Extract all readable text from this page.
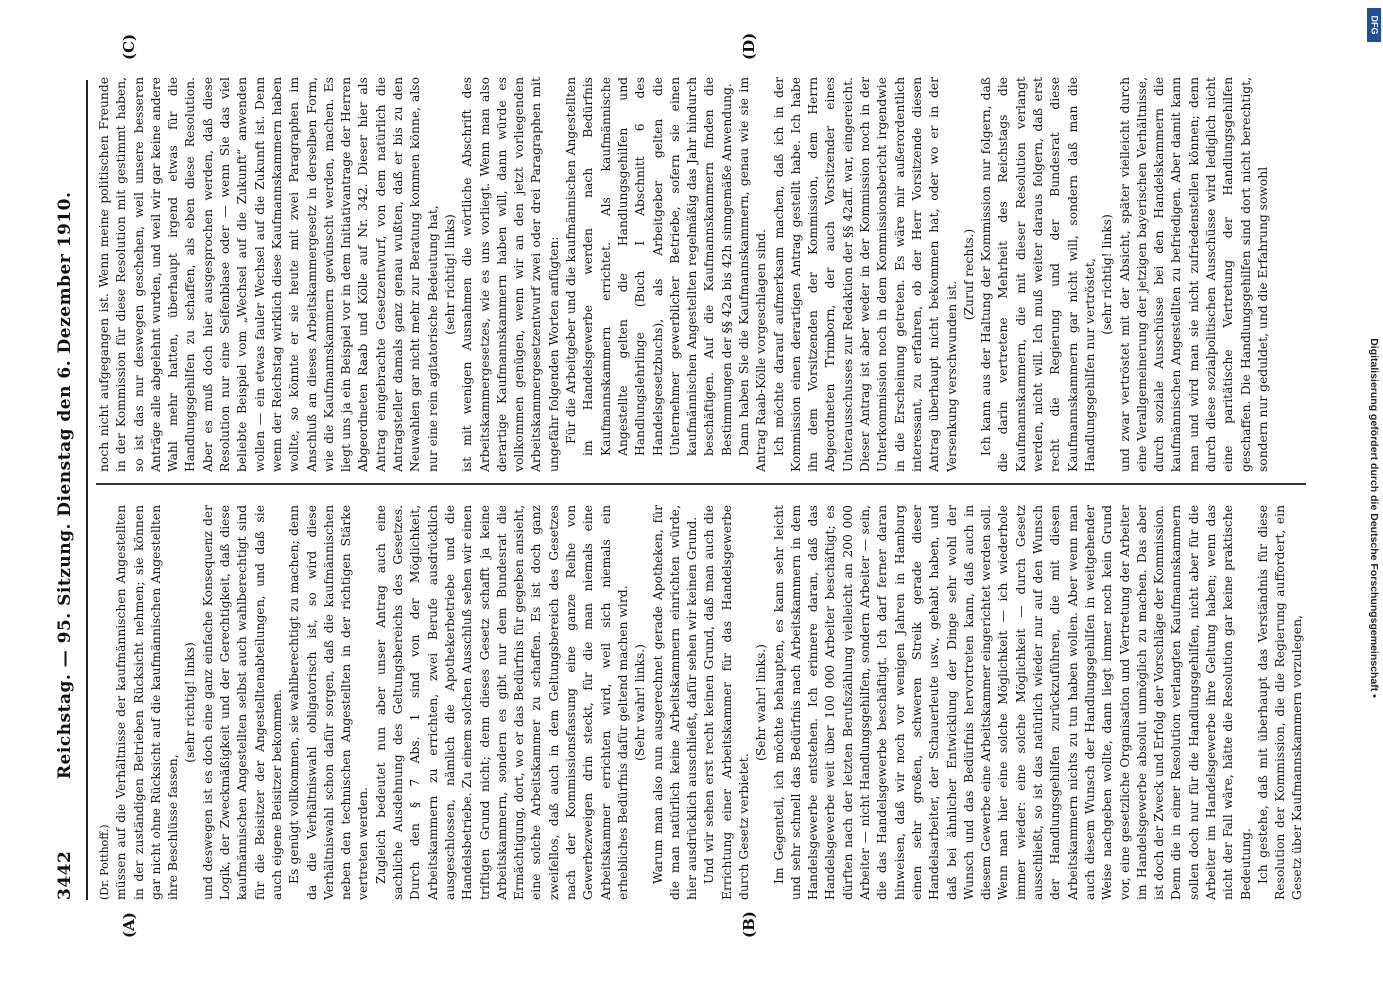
3442
Reichstag. — 95. Sitzung. Dienstag den 6. Dezember 1910.
(A)	(B)
(C)	(D)

(Dr. Potthoff.) müssen auf die Verhältnisse der kaufmännischen Angestellten in der zuständigen Betrieben Rücksicht nehmen; sie können gar nicht ohne Rücksicht auf die kaufmännischen Angestellten ihre Beschlüsse fassen,

(sehr richtig! links) und deswegen ist es doch eine ganz einfache Konsequenz der Logik, der Zweckmäßigkeit und der Gerechtigkeit, daß diese kaufmännischen Angestellten selbst auch wahlberechtigt sind für die Beisitzer der Angestelltenabteilungen, und daß sie auch eigene Beisitzer bekommen. Es genügt vollkommen, sie wahlberechtigt zu machen; denn da die Verhältniswahl obligatorisch ist, so wird diese Verhältniswahl schon dafür sorgen, daß die kaufmännischen neben den technischen Angestellten in der richtigen Stärke vertreten werden. Zugleich bedeutet nun aber unser Antrag auch eine sachliche Ausdehnung des Geltungsbereichs des Gesetzes. Durch den § 7 Abs. 1 sind von der Möglichkeit, Arbeitskammern zu errichten, zwei Berufe ausdrücklich ausgeschlossen, nämlich die Apothekerbetriebe und die Handelsbetriebe. Zu einem solchen Ausschluß sehen wir einen triftigen Grund nicht; denn dieses Gesetz schafft ja keine Arbeitskammern, sondern es gibt nur dem Bundesrat die Ermächtigung, dort, wo er das Bedürfnis für gegeben ansieht, eine solche Arbeitskammer zu schaffen. Es ist doch ganz zweifellos, daß auch in dem Geltungsbereich des Gesetzes nach der Kommissionsfassung eine ganze Reihe von Gewerbezweigen drin steckt, für die man niemals eine Arbeitskammer errichten wird, weil sich niemals ein erhebliches Bedürfnis dafür geltend machen wird. (Sehr wahr! links.) Warum man also nun ausgerechnet gerade Apotheken, für die man natürlich keine Arbeitskammern einrichten würde, hier ausdrücklich ausschließt, dafür sehen wir keinen Grund. Und wir sehen erst recht keinen Grund, daß man auch die Errichtung einer Arbeitskammer für das Handelsgewerbe durch Gesetz verbietet.

(Sehr wahr! links.) Im Gegenteil, ich möchte behaupten, es kann sehr leicht und sehr schnell das Bedürfnis nach Arbeitskammern in dem Handelsgewerbe entstehen. Ich erinnere daran, daß das Handelsgewerbe weit über 100 000 Arbeiter beschäftigt; es dürften nach der letzten Berufszählung vielleicht an 200 000 Arbeiter — nicht Handlungsgehilfen, sondern Arbeiter — sein, die das Handelsgewerbe beschäftigt. Ich darf ferner daran hinweisen, daß wir noch vor wenigen Jahren in Hamburg einen sehr großen, schweren Streik gerade dieser Handelsarbeiter, der Schauerleute usw., gehabt haben, und daß bei ähnlicher Entwicklung der Dinge sehr wohl der Wunsch und das Bedürfnis hervortreten kann, daß auch in diesem Gewerbe eine Arbeitskammer eingerichtet werden soll. Wenn man hier eine solche Möglichkeit — ich wiederhole immer wieder: eine solche Möglichkeit — durch Gesetz ausschließt, so ist das natürlich wieder nur auf den Wunsch der Handlungsgehilfen zurückzuführen, die mit diesen Arbeitskammern nichts zu tun haben wollen. Aber wenn man auch diesem Wunsch der Handlungsgehilfen in weitgehender Weise nachgeben wollte, dann liegt immer noch kein Grund vor, eine gesetzliche Organisation und Vertretung der Arbeiter im Handelsgewerbe absolut unmöglich zu machen. Das aber ist doch der Zweck und Erfolg der Vorschläge der Kommission. Denn die in einer Resolution verlangten Kaufmannskammern sollen doch nur für die Handlungsgehilfen, nicht aber für die Arbeiter im Handelsgewerbe ihre Geltung haben; wenn das nicht der Fall wäre, hätte die Resolution gar keine praktische Bedeutung. Ich gestehe, daß mit überhaupt das Verständnis für diese Resolution der Kommission, die die Regierung auffordert, ein Gesetz über Kaufmannskammern vorzulegen,

noch nicht aufgegangen ist. Wenn meine politischen Freunde in der Kommission für diese Resolution mit gestimmt haben, so ist das nur deswegen geschehen, weil unsere besseren Anträge alle abgelehnt wurden, und weil wir gar keine andere Wahl mehr hatten, überhaupt irgend etwas für die Handlungsgehilfen zu schaffen, als eben diese Resolution. Aber es muß doch hier ausgesprochen werden, daß diese Resolution nur eine Seifenblase oder — wenn Sie das viel beliebte Beispiel vom „Wechsel auf die Zukunft“ anwenden wollen — ein etwas fauler Wechsel auf die Zukunft ist. Denn wenn der Reichstag wirklich diese Kaufmannskammern haben wollte, so könnte er sie heute mit zwei Paragraphen im Anschluß an dieses Arbeitskammergesetz in derselben Form, wie die Kaufmannskammern gewünscht werden, machen. Es liegt uns ja ein Beispiel vor in dem Initiativantrage der Herren Abgeordneten Raab und Kölle auf Nr. 342. Dieser hier als Antrag eingebrachte Gesetzentwurf, von dem natürlich die Antragsteller damals ganz genau wußten, daß er bis zu den Neuwahlen gar nicht mehr zur Beratung kommen könne, also nur eine rein agitatorische Bedeutung hat, (sehr richtig! links) ist mit wenigen Ausnahmen die wörtliche Abschrift des Arbeitskammergesetzes, wie es uns vorliegt. Wenn man also derartige Kaufmannskammern haben will, dann würde es vollkommen genügen, wenn wir an den jetzt vorliegenden Arbeitskammergesetzentwurf zwei oder drei Paragraphen mit ungefähr folgenden Worten anfügten: Für die Arbeitgeber und die kaufmännischen Angestellten im Handelsgewerbe werden nach Bedürfnis Kaufmannskammern errichtet. Als kaufmännische Angestellte gelten die Handlungsgehilfen und Handlungslehrlinge (Buch I Abschnitt 6 des Handelsgesetzbuchs), als Arbeitgeber gelten die Unternehmer gewerblicher Betriebe, sofern sie einen kaufmännischen Angestellten regelmäßig das Jahr hindurch beschäftigen. Auf die Kaufmannskammern finden die Bestimmungen der §§ 42a bis 42h sinngemäße Anwendung. Dann haben Sie die Kaufmannskammern, genau wie sie im Antrag Raab-Kölle vorgeschlagen sind. Ich möchte darauf aufmerksam machen, daß ich in der Kommission einen derartigen Antrag gestellt habe. Ich habe ihn dem Vorsitzenden der Kommission, dem Herrn Abgeordneten Trimborn, der auch Vorsitzender eines Unterausschusses zur Redaktion der §§ 42aff. war, eingereicht. Dieser Antrag ist aber weder in der Kommission noch in der Unterkommission noch in dem Kommissionsbericht irgendwie in die Erscheinung getreten. Es wäre mir außerordentlich interessant, zu erfahren, ob der Herr Vorsitzende diesen Antrag überhaupt nicht bekommen hat, oder wo er in der Versenkung verschwunden ist.

(Zuruf rechts.) Ich kann aus der Haltung der Kommission nur folgern, daß die darin vertretene Mehrheit des Reichstags die Kaufmannskammern, die mit dieser Resolution verlangt werden, nicht will. Ich muß weiter daraus folgern, daß erst recht die Regierung und der Bundesrat diese Kaufmannskammern gar nicht will, sondern daß man die Handlungsgehilfen nur vertröstet, (sehr richtig! links) und zwar vertröstet mit der Absicht, später vielleicht durch eine Verallgemeinerung der jetzigen bayerischen Verhältnisse, durch soziale Ausschüsse bei den Handelskammern die kaufmännischen Angestellten zu befriedigen. Aber damit kann man und wird man sie nicht zufriedenstellen können; denn durch diese sozialpolitischen Ausschüsse wird lediglich nicht eine paritätische Vertretung der Handlungsgehilfen geschaffen. Die Handlungsgehilfen sind dort nicht berechtigt, sondern nur geduldet, und die Erfahrung sowohl

DFG
Digitalisierung gefördert durch die Deutsche Forschungsgemeinschaft •
